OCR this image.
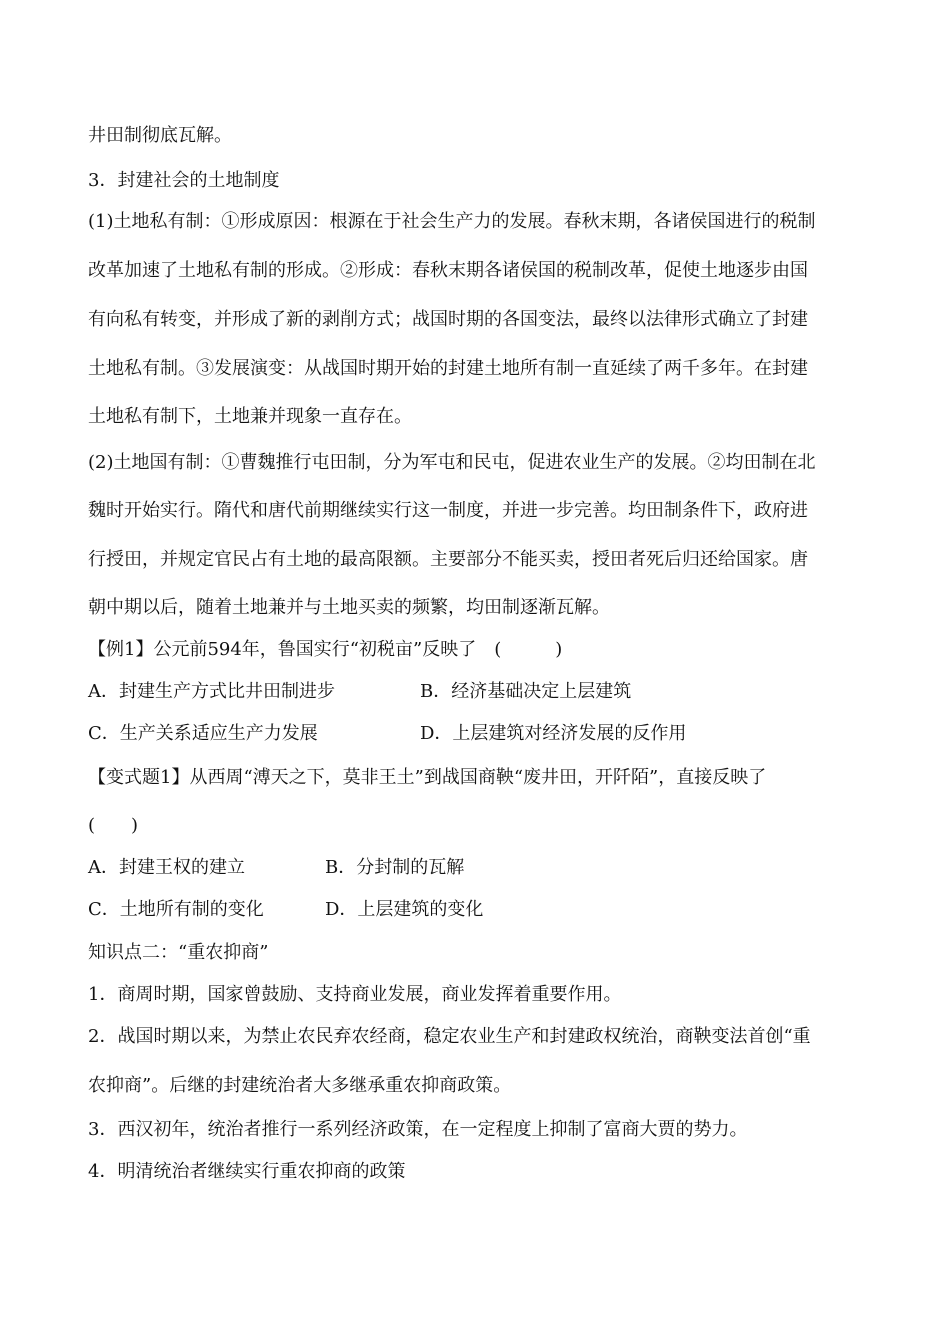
井田制彻底瓦解。

3．封建社会的土地制度

(1)土地私有制：①形成原因：根源在于社会生产力的发展。春秋末期，各诸侯国进行的税制

改革加速了土地私有制的形成。②形成：春秋末期各诸侯国的税制改革，促使土地逐步由国

有向私有转变，并形成了新的剥削方式；战国时期的各国变法，最终以法律形式确立了封建

土地私有制。③发展演变：从战国时期开始的封建土地所有制一直延续了两千多年。在封建

土地私有制下，土地兼并现象一直存在。

(2)土地国有制：①曹魏推行屯田制，分为军屯和民屯，促进农业生产的发展。②均田制在北

魏时开始实行。隋代和唐代前期继续实行这一制度，并进一步完善。均田制条件下，政府进

行授田，并规定官民占有土地的最高限额。主要部分不能买卖，授田者死后归还给国家。唐

朝中期以后，随着土地兼并与土地买卖的频繁，均田制逐渐瓦解。

【例1】公元前594年，鲁国实行“初税亩”反映了　(　　　)

A．封建生产方式比井田制进步	B．经济基础决定上层建筑

C．生产关系适应生产力发展	D．上层建筑对经济发展的反作用

【变式题1】从西周“溥天之下，莫非王土”到战国商鞅“废井田，开阡陌”，直接反映了

(　　)

A．封建王权的建立	B．分封制的瓦解

C．土地所有制的变化	D．上层建筑的变化

知识点二：“重农抑商”

1．商周时期，国家曾鼓励、支持商业发展，商业发挥着重要作用。

2．战国时期以来，为禁止农民弃农经商，稳定农业生产和封建政权统治，商鞅变法首创“重

农抑商”。后继的封建统治者大多继承重农抑商政策。

3．西汉初年，统治者推行一系列经济政策，在一定程度上抑制了富商大贾的势力。

4．明清统治者继续实行重农抑商的政策
